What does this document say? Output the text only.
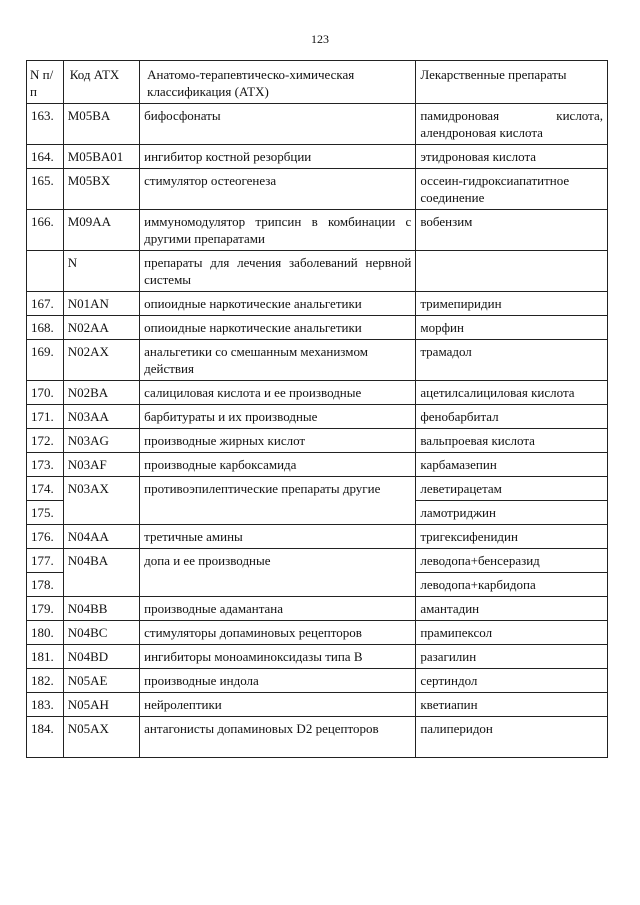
123
N п/п	Код АТХ	Анатомо-терапевтическо-химическая классификация (АТХ)	Лекарственные препараты
163.	M05BA	бифосфонаты	памидроновая кислота, алендроновая кислота
164.	M05BA01	ингибитор костной резорбции	этидроновая кислота
165.	M05BX	стимулятор остеогенеза	оссеин-гидроксиапатитное соединение
166.	M09AA	иммуномодулятор трипсин в комбинации с другими препаратами	вобензим
	N	препараты для лечения заболеваний нервной системы	
167.	N01AN	опиоидные наркотические анальгетики	тримепиридин
168.	N02AA	опиоидные наркотические анальгетики	морфин
169.	N02AX	анальгетики со смешанным механизмом действия	трамадол
170.	N02BA	салициловая кислота и ее производные	ацетилсалициловая кислота
171.	N03AA	барбитураты и их производные	фенобарбитал
172.	N03AG	производные жирных кислот	вальпроевая кислота
173.	N03AF	производные карбоксамида	карбамазепин
174.	N03AX	противоэпилептические препараты другие	леветирацетам
175.			ламотриджин
176.	N04AA	третичные амины	тригексифенидин
177.	N04BA	допа и ее производные	леводопа+бенсеразид
178.			леводопа+карбидопа
179.	N04BB	производные адамантана	амантадин
180.	N04BC	стимуляторы допаминовых рецепторов	прамипексол
181.	N04BD	ингибиторы моноаминоксидазы типа B	разагилин
182.	N05AE	производные индола	сертиндол
183.	N05AH	нейролептики	кветиапин
184.	N05AX	антагонисты допаминовых D2 рецепторов	палиперидон
